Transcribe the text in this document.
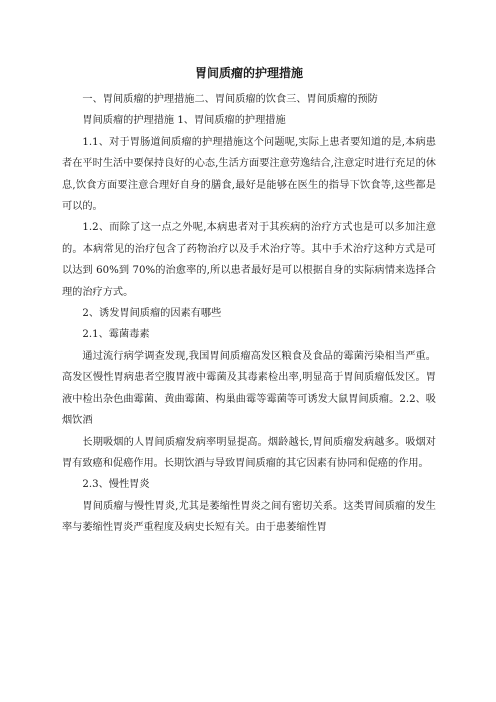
胃间质瘤的护理措施

一、胃间质瘤的护理措施二、胃间质瘤的饮食三、胃间质瘤的预防

胃间质瘤的护理措施 1、胃间质瘤的护理措施

1.1、对于胃肠道间质瘤的护理措施这个问题呢,实际上患者要知道的是,本病患者在平时生活中要保持良好的心态,生活方面要注意劳逸结合,注意定时进行充足的休息,饮食方面要注意合理好自身的膳食,最好是能够在医生的指导下饮食等,这些都是可以的。

1.2、而除了这一点之外呢,本病患者对于其疾病的治疗方式也是可以多加注意的。本病常见的治疗包含了药物治疗以及手术治疗等。其中手术治疗这种方式是可以达到 60%到 70%的治愈率的,所以患者最好是可以根据自身的实际病情来选择合理的治疗方式。

2、诱发胃间质瘤的因素有哪些

2.1、霉菌毒素

通过流行病学调查发现,我国胃间质瘤高发区粮食及食品的霉菌污染相当严重。高发区慢性胃病患者空腹胃液中霉菌及其毒素检出率,明显高于胃间质瘤低发区。胃液中检出杂色曲霉菌、黄曲霉菌、构巢曲霉等霉菌等可诱发大鼠胃间质瘤。2.2、吸烟饮酒

长期吸烟的人胃间质瘤发病率明显提高。烟龄越长,胃间质瘤发病越多。吸烟对胃有致癌和促癌作用。长期饮酒与导致胃间质瘤的其它因素有协同和促癌的作用。

2.3、慢性胃炎

胃间质瘤与慢性胃炎,尤其是萎缩性胃炎之间有密切关系。这类胃间质瘤的发生率与萎缩性胃炎严重程度及病史长短有关。由于患萎缩性胃
